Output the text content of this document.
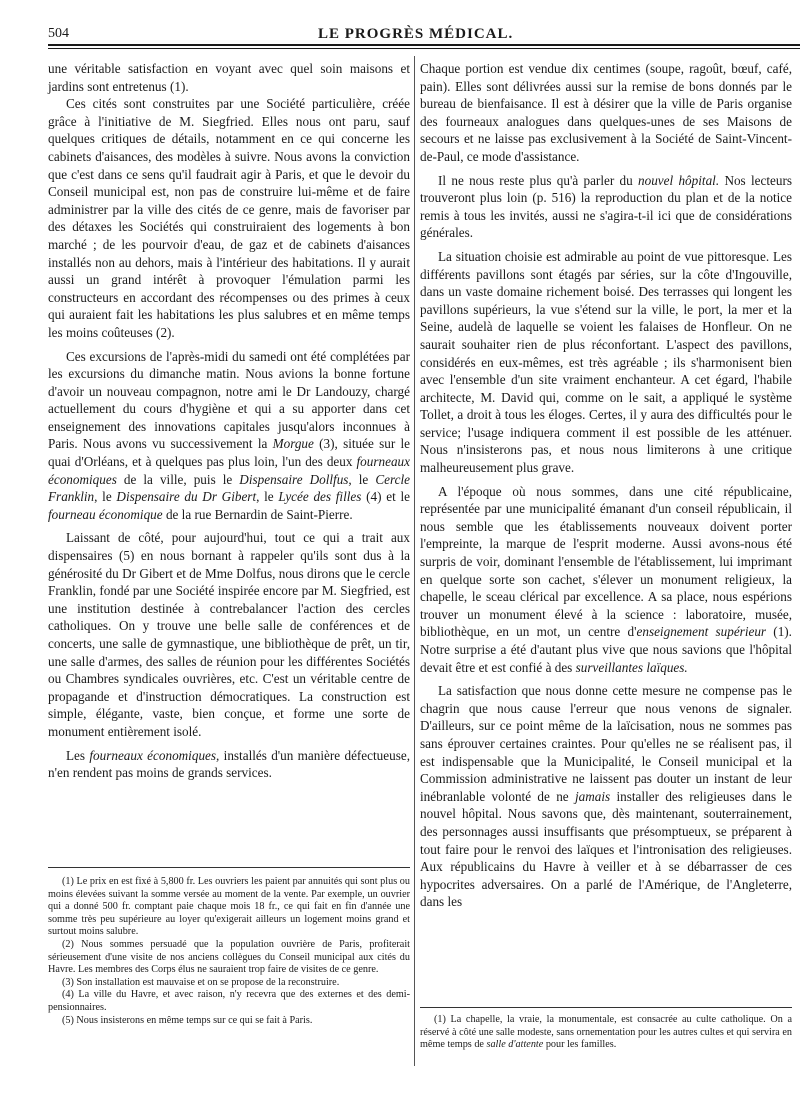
504	LE PROGRÈS MÉDICAL.

une véritable satisfaction en voyant avec quel soin maisons et jardins sont entretenus (1).

Ces cités sont construites par une Société particulière, créée grâce à l'initiative de M. Siegfried. Elles nous ont paru, sauf quelques critiques de détails, notamment en ce qui concerne les cabinets d'aisances, des modèles à suivre. Nous avons la conviction que c'est dans ce sens qu'il faudrait agir à Paris, et que le devoir du Conseil municipal est, non pas de construire lui-même et de faire administrer par la ville des cités de ce genre, mais de favoriser par des détaxes les Sociétés qui construiraient des logements à bon marché ; de les pourvoir d'eau, de gaz et de cabinets d'aisances installés non au dehors, mais à l'intérieur des habitations. Il y aurait aussi un grand intérêt à provoquer l'émulation parmi les constructeurs en accordant des récompenses ou des primes à ceux qui auraient fait les habitations les plus salubres et en même temps les moins coûteuses (2).

Ces excursions de l'après-midi du samedi ont été complétées par les excursions du dimanche matin. Nous avions la bonne fortune d'avoir un nouveau compagnon, notre ami le Dr Landouzy, chargé actuellement du cours d'hygiène et qui a su apporter dans cet enseignement des innovations capitales jusqu'alors inconnues à Paris. Nous avons vu successivement la Morgue (3), située sur le quai d'Orléans, et à quelques pas plus loin, l'un des deux fourneaux économiques de la ville, puis le Dispensaire Dollfus, le Cercle Franklin, le Dispensaire du Dr Gibert, le Lycée des filles (4) et le fourneau économique de la rue Bernardin de Saint-Pierre.

Laissant de côté, pour aujourd'hui, tout ce qui a trait aux dispensaires (5) en nous bornant à rappeler qu'ils sont dus à la générosité du Dr Gibert et de Mme Dolfus, nous dirons que le cercle Franklin, fondé par une Société inspirée encore par M. Siegfried, est une institution destinée à contrebalancer l'action des cercles catholiques. On y trouve une belle salle de conférences et de concerts, une salle de gymnastique, une bibliothèque de prêt, un tir, une salle d'armes, des salles de réunion pour les différentes Sociétés ou Chambres syndicales ouvrières, etc. C'est un véritable centre de propagande et d'instruction démocratiques. La construction est simple, élégante, vaste, bien conçue, et forme une sorte de monument entièrement isolé.

Les fourneaux économiques, installés d'un manière défectueuse, n'en rendent pas moins de grands services.

(1) Le prix en est fixé à 5,800 fr. Les ouvriers les paient par annuités qui sont plus ou moins élevées suivant la somme versée au moment de la vente. Par exemple, un ouvrier qui a donné 500 fr. comptant paie chaque mois 18 fr., ce qui fait en fin d'année une somme très peu supérieure au loyer qu'exigerait ailleurs un logement moins grand et surtout moins salubre.

(2) Nous sommes persuadé que la population ouvrière de Paris, profiterait sérieusement d'une visite de nos anciens collègues du Conseil municipal aux cités du Havre. Les membres des Corps élus ne sauraient trop faire de visites de ce genre.

(3) Son installation est mauvaise et on se propose de la reconstruire.

(4) La ville du Havre, et avec raison, n'y recevra que des externes et des demi-pensionnaires.

(5) Nous insisterons en même temps sur ce qui se fait à Paris.

Chaque portion est vendue dix centimes (soupe, ragoût, bœuf, café, pain). Elles sont délivrées aussi sur la remise de bons donnés par le bureau de bienfaisance. Il est à désirer que la ville de Paris organise des fourneaux analogues dans quelques-unes de ses Maisons de secours et ne laisse pas exclusivement à la Société de Saint-Vincent-de-Paul, ce mode d'assistance.

Il ne nous reste plus qu'à parler du nouvel hôpital. Nos lecteurs trouveront plus loin (p. 516) la reproduction du plan et de la notice remis à tous les invités, aussi ne s'agira-t-il ici que de considérations générales.

La situation choisie est admirable au point de vue pittoresque. Les différents pavillons sont étagés par séries, sur la côte d'Ingouville, dans un vaste domaine richement boisé. Des terrasses qui longent les pavillons supérieurs, la vue s'étend sur la ville, le port, la mer et la Seine, audelà de laquelle se voient les falaises de Honfleur. On ne saurait souhaiter rien de plus réconfortant. L'aspect des pavillons, considérés en eux-mêmes, est très agréable ; ils s'harmonisent bien avec l'ensemble d'un site vraiment enchanteur. A cet égard, l'habile architecte, M. David qui, comme on le sait, a appliqué le système Tollet, a droit à tous les éloges. Certes, il y aura des difficultés pour le service; l'usage indiquera comment il est possible de les atténuer. Nous n'insisterons pas, et nous nous limiterons à une critique malheureusement plus grave.

A l'époque où nous sommes, dans une cité républicaine, représentée par une municipalité émanant d'un conseil républicain, il nous semble que les établissements nouveaux doivent porter l'empreinte, la marque de l'esprit moderne. Aussi avons-nous été surpris de voir, dominant l'ensemble de l'établissement, lui imprimant en quelque sorte son cachet, s'élever un monument religieux, la chapelle, le sceau clérical par excellence. A sa place, nous espérions trouver un monument élevé à la science : laboratoire, musée, bibliothèque, en un mot, un centre d'enseignement supérieur (1). Notre surprise a été d'autant plus vive que nous savions que l'hôpital devait être et est confié à des surveillantes laïques.

La satisfaction que nous donne cette mesure ne compense pas le chagrin que nous cause l'erreur que nous venons de signaler. D'ailleurs, sur ce point même de la laïcisation, nous ne sommes pas sans éprouver certaines craintes. Pour qu'elles ne se réalisent pas, il est indispensable que la Municipalité, le Conseil municipal et la Commission administrative ne laissent pas douter un instant de leur inébranlable volonté de ne jamais installer des religieuses dans le nouvel hôpital. Nous savons que, dès maintenant, souterrainement, des personnages aussi insuffisants que présomptueux, se préparent à tout faire pour le renvoi des laïques et l'intronisation des religieuses. Aux républicains du Havre à veiller et à se débarrasser de ces hypocrites adversaires. On a parlé de l'Amérique, de l'Angleterre, dans les

(1) La chapelle, la vraie, la monumentale, est consacrée au culte catholique. On a réservé à côté une salle modeste, sans ornementation pour les autres cultes et qui servira en même temps de salle d'attente pour les familles.
